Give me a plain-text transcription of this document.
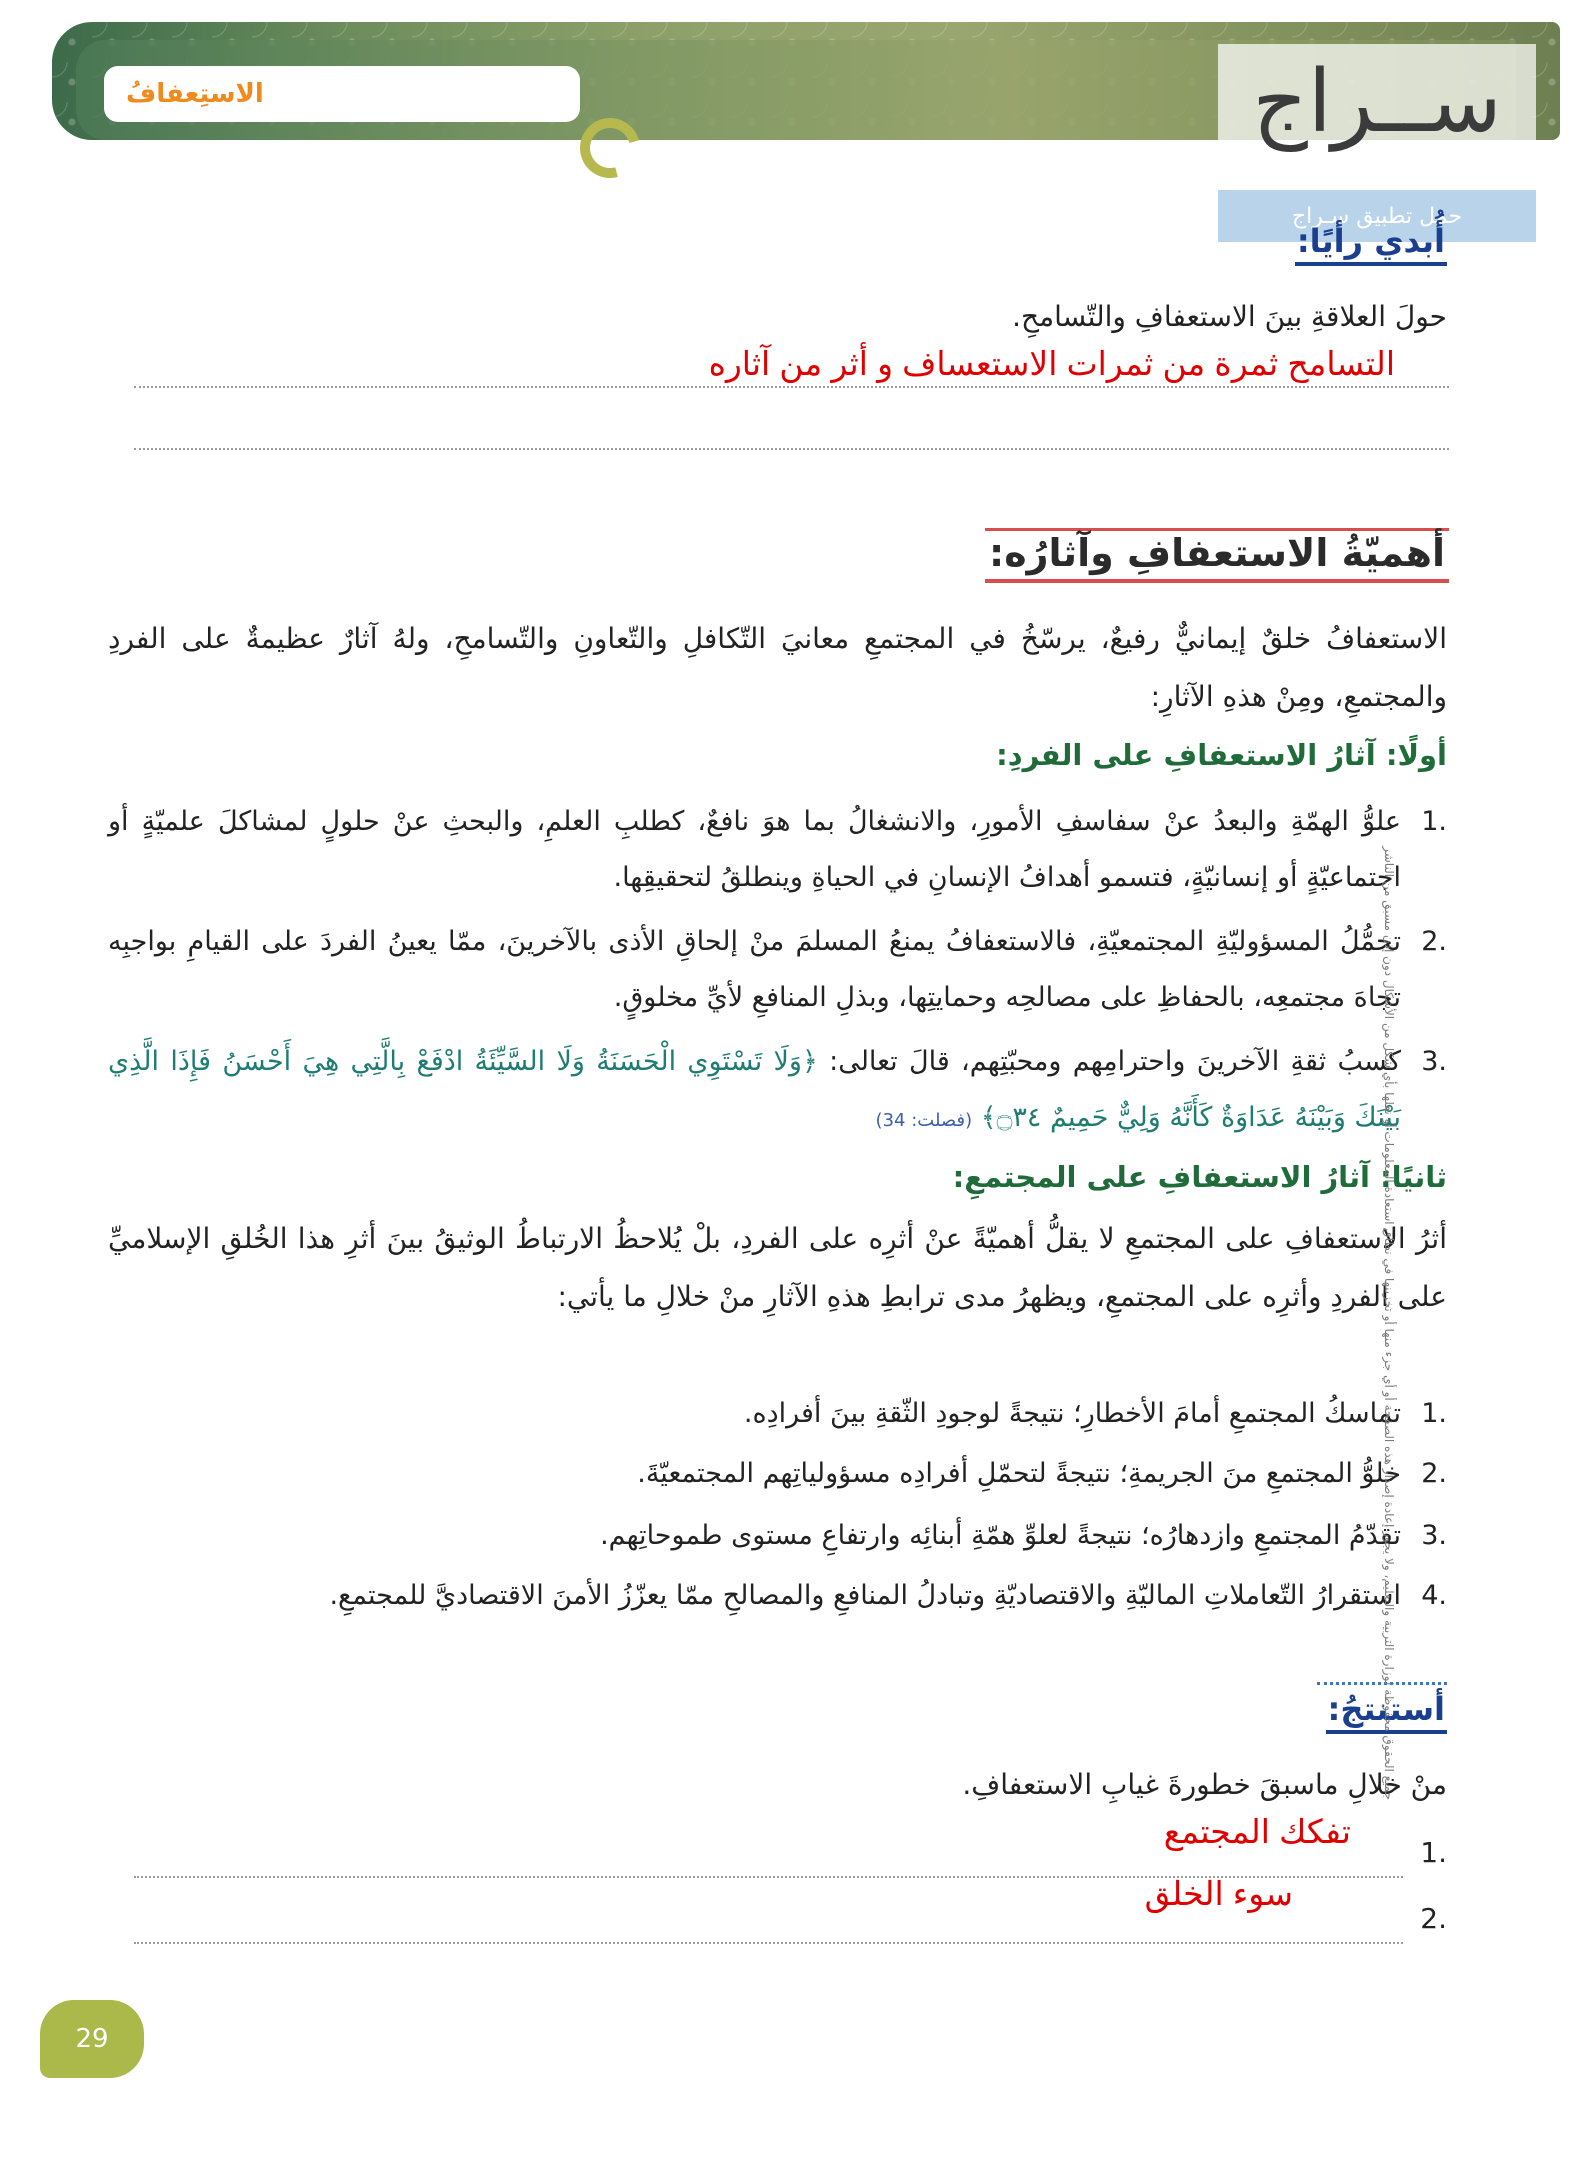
الاستِعفافُ	ســراج
حمل تطبيق سـراج
أُبدي رأيًا:
حولَ العلاقةِ بينَ الاستعفافِ والتّسامحِ.
التسامح ثمرة من ثمرات الاستعساف و أثر من آثاره
أهميّةُ الاستعفافِ وآثارُه:
الاستعفافُ خلقٌ إيمانيٌّ رفيعٌ، يرسّخُ في المجتمعِ معانيَ التّكافلِ والتّعاونِ والتّسامحِ، ولهُ آثارٌ عظيمةٌ على الفردِ والمجتمعِ، ومِنْ هذهِ الآثارِ:
أولًا: آثارُ الاستعفافِ على الفردِ:
.1
علوُّ الهمّةِ والبعدُ عنْ سفاسفِ الأمورِ، والانشغالُ بما هوَ نافعٌ، كطلبِ العلمِ، والبحثِ عنْ حلولٍ لمشاكلَ علميّةٍ أو اجتماعيّةٍ أو إنسانيّةٍ، فتسمو أهدافُ الإنسانِ في الحياةِ وينطلقُ لتحقيقِها.
.2
تحمُّلُ المسؤوليّةِ المجتمعيّةِ، فالاستعفافُ يمنعُ المسلمَ منْ إلحاقِ الأذى بالآخرينَ، ممّا يعينُ الفردَ على القيامِ بواجبِه تجاهَ مجتمعِه، بالحفاظِ على مصالحِه وحمايتِها، وبذلِ المنافعِ لأيِّ مخلوقٍ.
.3
كسبُ ثقةِ الآخرينَ واحترامِهم ومحبّتِهم، قالَ تعالى: ﴿وَلَا تَسْتَوِي الْحَسَنَةُ وَلَا السَّيِّئَةُ ادْفَعْ بِالَّتِي هِيَ أَحْسَنُ فَإِذَا الَّذِي بَيْنَكَ وَبَيْنَهُ عَدَاوَةٌ كَأَنَّهُ وَلِيٌّ حَمِيمٌ ۝٣٤﴾ (فصلت: 34)
ثانيًا: آثارُ الاستعفافِ على المجتمعِ:
أثرُ الاستعفافِ على المجتمعِ لا يقلُّ أهميّةً عنْ أثرِه على الفردِ، بلْ يُلاحظُ الارتباطُ الوثيقُ بينَ أثرِ هذا الخُلقِ الإسلاميِّ على الفردِ وأثرِه على المجتمعِ، ويظهرُ مدى ترابطِ هذهِ الآثارِ منْ خلالِ ما يأتي:
.1
تماسكُ المجتمعِ أمامَ الأخطارِ؛ نتيجةً لوجودِ الثّقةِ بينَ أفرادِه.
.2
خلوُّ المجتمعِ منَ الجريمةِ؛ نتيجةً لتحمّلِ أفرادِه مسؤولياتِهم المجتمعيّةَ.
.3
تقدّمُ المجتمعِ وازدهارُه؛ نتيجةً لعلوِّ همّةِ أبنائِه وارتفاعِ مستوى طموحاتِهم.
.4
استقرارُ التّعاملاتِ الماليّةِ والاقتصاديّةِ وتبادلُ المنافعِ والمصالحِ ممّا يعزّزُ الأمنَ الاقتصاديَّ للمجتمعِ.
أستنتجُ:
منْ خلالِ ماسبقَ خطورةَ غيابِ الاستعفافِ.
.1
تفكك المجتمع
.2
سوء الخلق
جميع الحقوق محفوظة لوزارة التربية والتعليم، ولا يجوز إعادة إصدار هذه الصفحة أو أي جزء منها أو تخزينها في نطاق استعادة المعلومات أو نقلها بأي شكل من الأشكال دون إذن مسبق من الناشر
29
